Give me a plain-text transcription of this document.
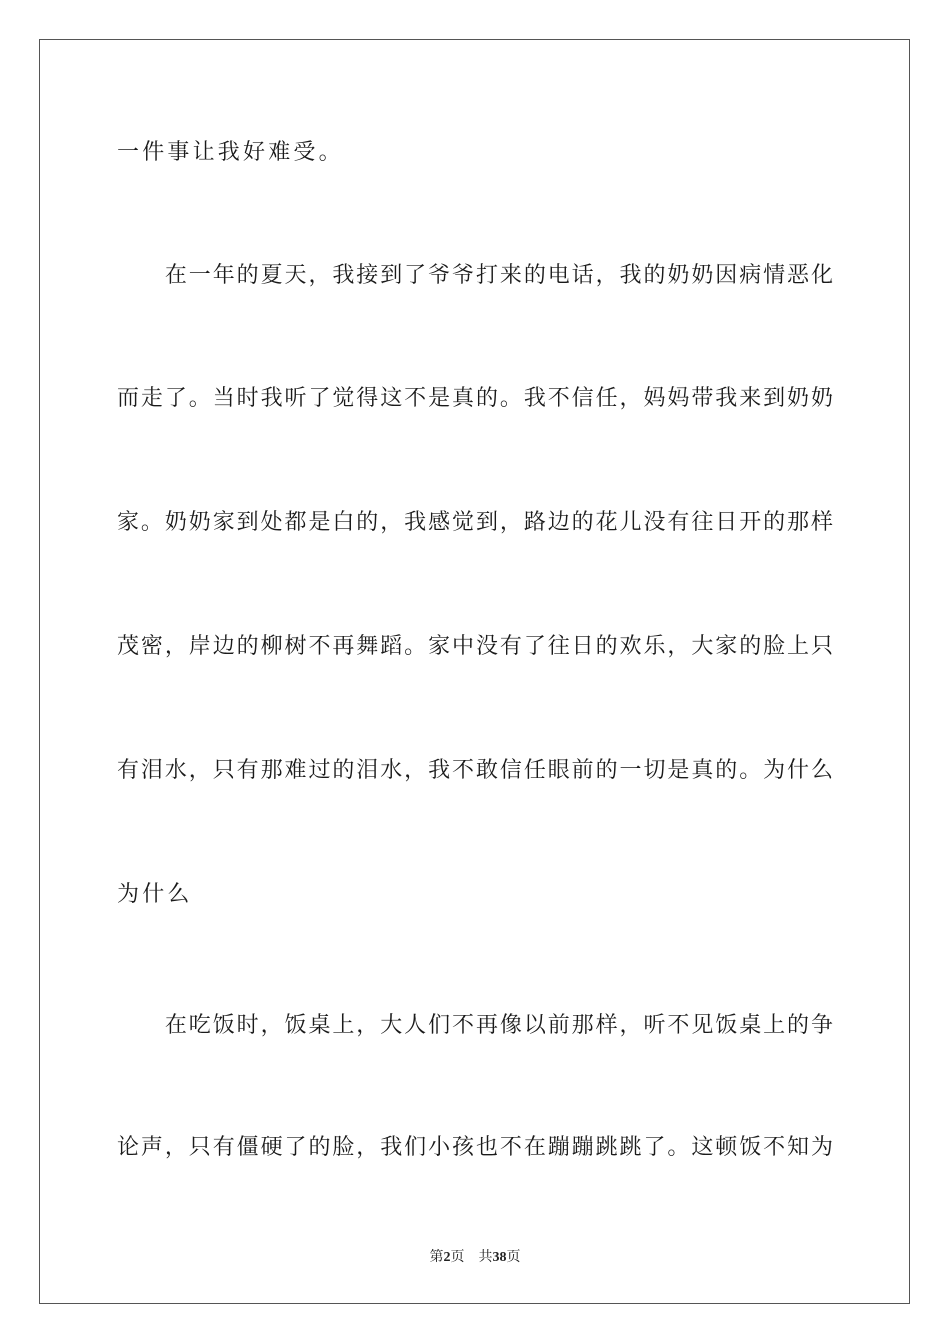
一件事让我好难受。
　　在一年的夏天，我接到了爷爷打来的电话，我的奶奶因病情恶化
而走了。当时我听了觉得这不是真的。我不信任，妈妈带我来到奶奶
家。奶奶家到处都是白的，我感觉到，路边的花儿没有往日开的那样
茂密，岸边的柳树不再舞蹈。家中没有了往日的欢乐，大家的脸上只
有泪水，只有那难过的泪水，我不敢信任眼前的一切是真的。为什么
为什么
　　在吃饭时，饭桌上，大人们不再像以前那样，听不见饭桌上的争
论声，只有僵硬了的脸，我们小孩也不在蹦蹦跳跳了。这顿饭不知为
第2页 共38页
